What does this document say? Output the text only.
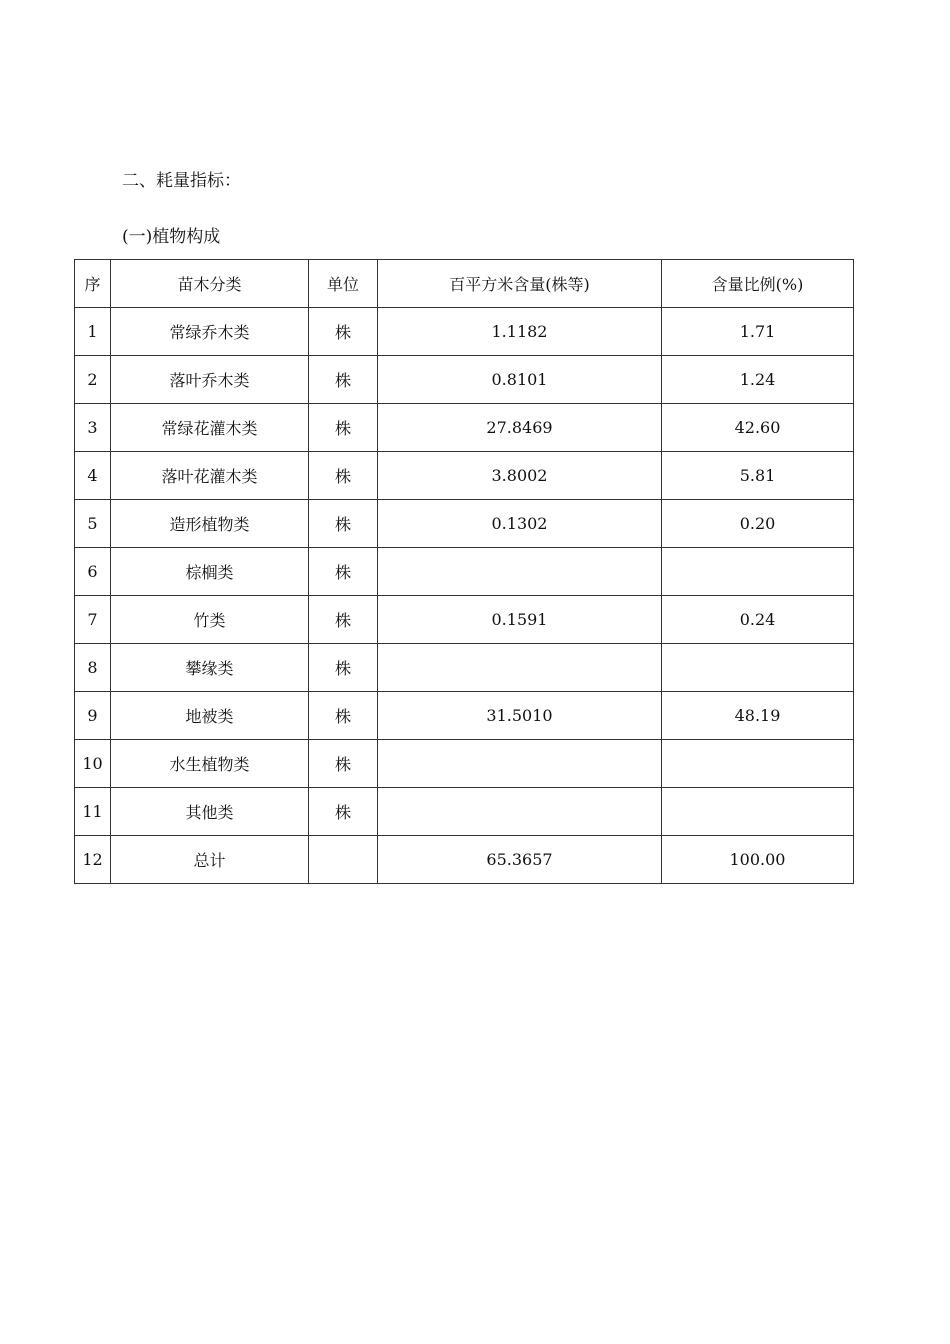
二、耗量指标：
(一)植物构成
序	苗木分类	单位	百平方米含量(株等)	含量比例(%)
1	常绿乔木类	株	1.1182	1.71
2	落叶乔木类	株	0.8101	1.24
3	常绿花灌木类	株	27.8469	42.60
4	落叶花灌木类	株	3.8002	5.81
5	造形植物类	株	0.1302	0.20
6	棕榈类	株		
7	竹类	株	0.1591	0.24
8	攀缘类	株		
9	地被类	株	31.5010	48.19
10	水生植物类	株		
11	其他类	株		
12	总计		65.3657	100.00
